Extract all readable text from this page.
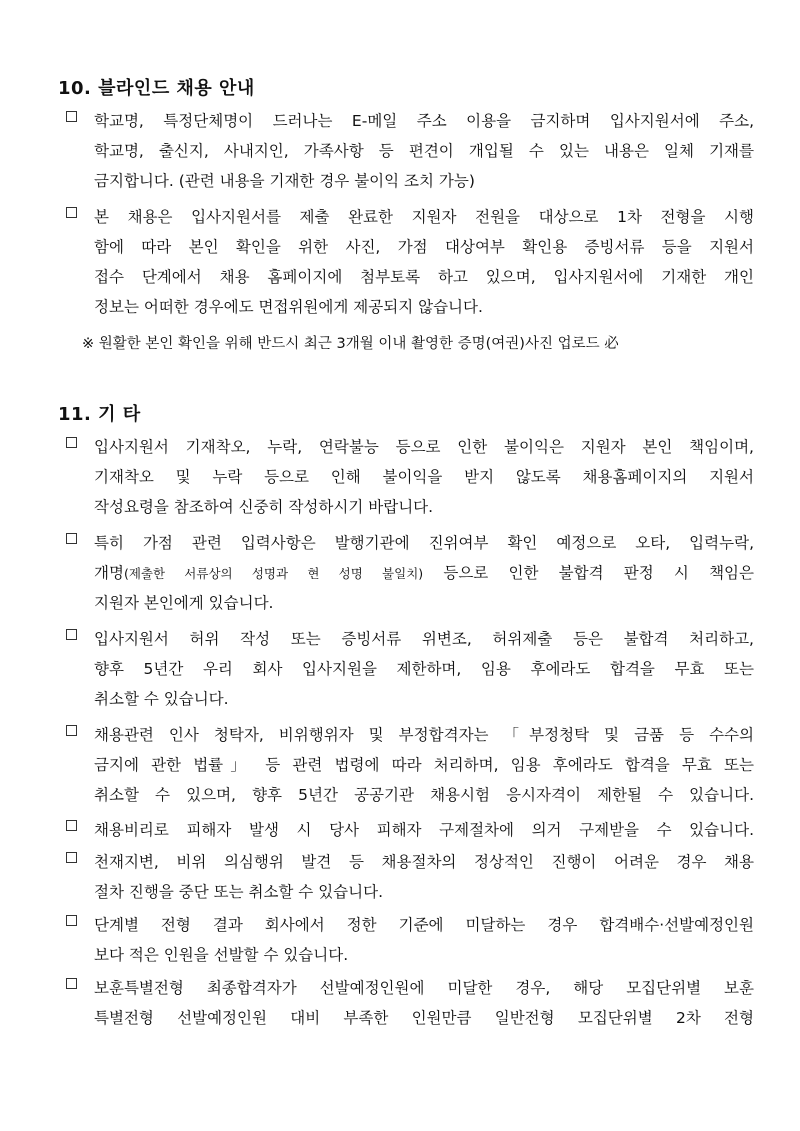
10. 블라인드 채용 안내
학교명, 특정단체명이 드러나는 E-메일 주소 이용을 금지하며 입사지원서에 주소,
학교명, 출신지, 사내지인, 가족사항 등 편견이 개입될 수 있는 내용은 일체 기재를
금지합니다. (관련 내용을 기재한 경우 불이익 조치 가능)
본 채용은 입사지원서를 제출 완료한 지원자 전원을 대상으로 1차 전형을 시행
함에 따라 본인 확인을 위한 사진, 가점 대상여부 확인용 증빙서류 등을 지원서
접수 단계에서 채용 홈페이지에 첨부토록 하고 있으며, 입사지원서에 기재한 개인
정보는 어떠한 경우에도 면접위원에게 제공되지 않습니다.
※ 원활한 본인 확인을 위해 반드시 최근 3개월 이내 촬영한 증명(여권)사진 업로드 必
11. 기 타
입사지원서 기재착오, 누락, 연락불능 등으로 인한 불이익은 지원자 본인 책임이며,
기재착오 및 누락 등으로 인해 불이익을 받지 않도록 채용홈페이지의 지원서
작성요령을 참조하여 신중히 작성하시기 바랍니다.
특히 가점 관련 입력사항은 발행기관에 진위여부 확인 예정으로 오타, 입력누락,
개명(제출한 서류상의 성명과 현 성명 불일치) 등으로 인한 불합격 판정 시 책임은
지원자 본인에게 있습니다.
입사지원서 허위 작성 또는 증빙서류 위변조, 허위제출 등은 불합격 처리하고,
향후 5년간 우리 회사 입사지원을 제한하며, 임용 후에라도 합격을 무효 또는
취소할 수 있습니다.
채용관련 인사 청탁자, 비위행위자 및 부정합격자는 「부정청탁 및 금품 등 수수의
금지에 관한 법률」 등 관련 법령에 따라 처리하며, 임용 후에라도 합격을 무효 또는
취소할 수 있으며, 향후 5년간 공공기관 채용시험 응시자격이 제한될 수 있습니다.
채용비리로 피해자 발생 시 당사 피해자 구제절차에 의거 구제받을 수 있습니다.
천재지변, 비위 의심행위 발견 등 채용절차의 정상적인 진행이 어려운 경우 채용
절차 진행을 중단 또는 취소할 수 있습니다.
단계별 전형 결과 회사에서 정한 기준에 미달하는 경우 합격배수·선발예정인원
보다 적은 인원을 선발할 수 있습니다.
보훈특별전형 최종합격자가 선발예정인원에 미달한 경우, 해당 모집단위별 보훈
특별전형 선발예정인원 대비 부족한 인원만큼 일반전형 모집단위별 2차 전형
